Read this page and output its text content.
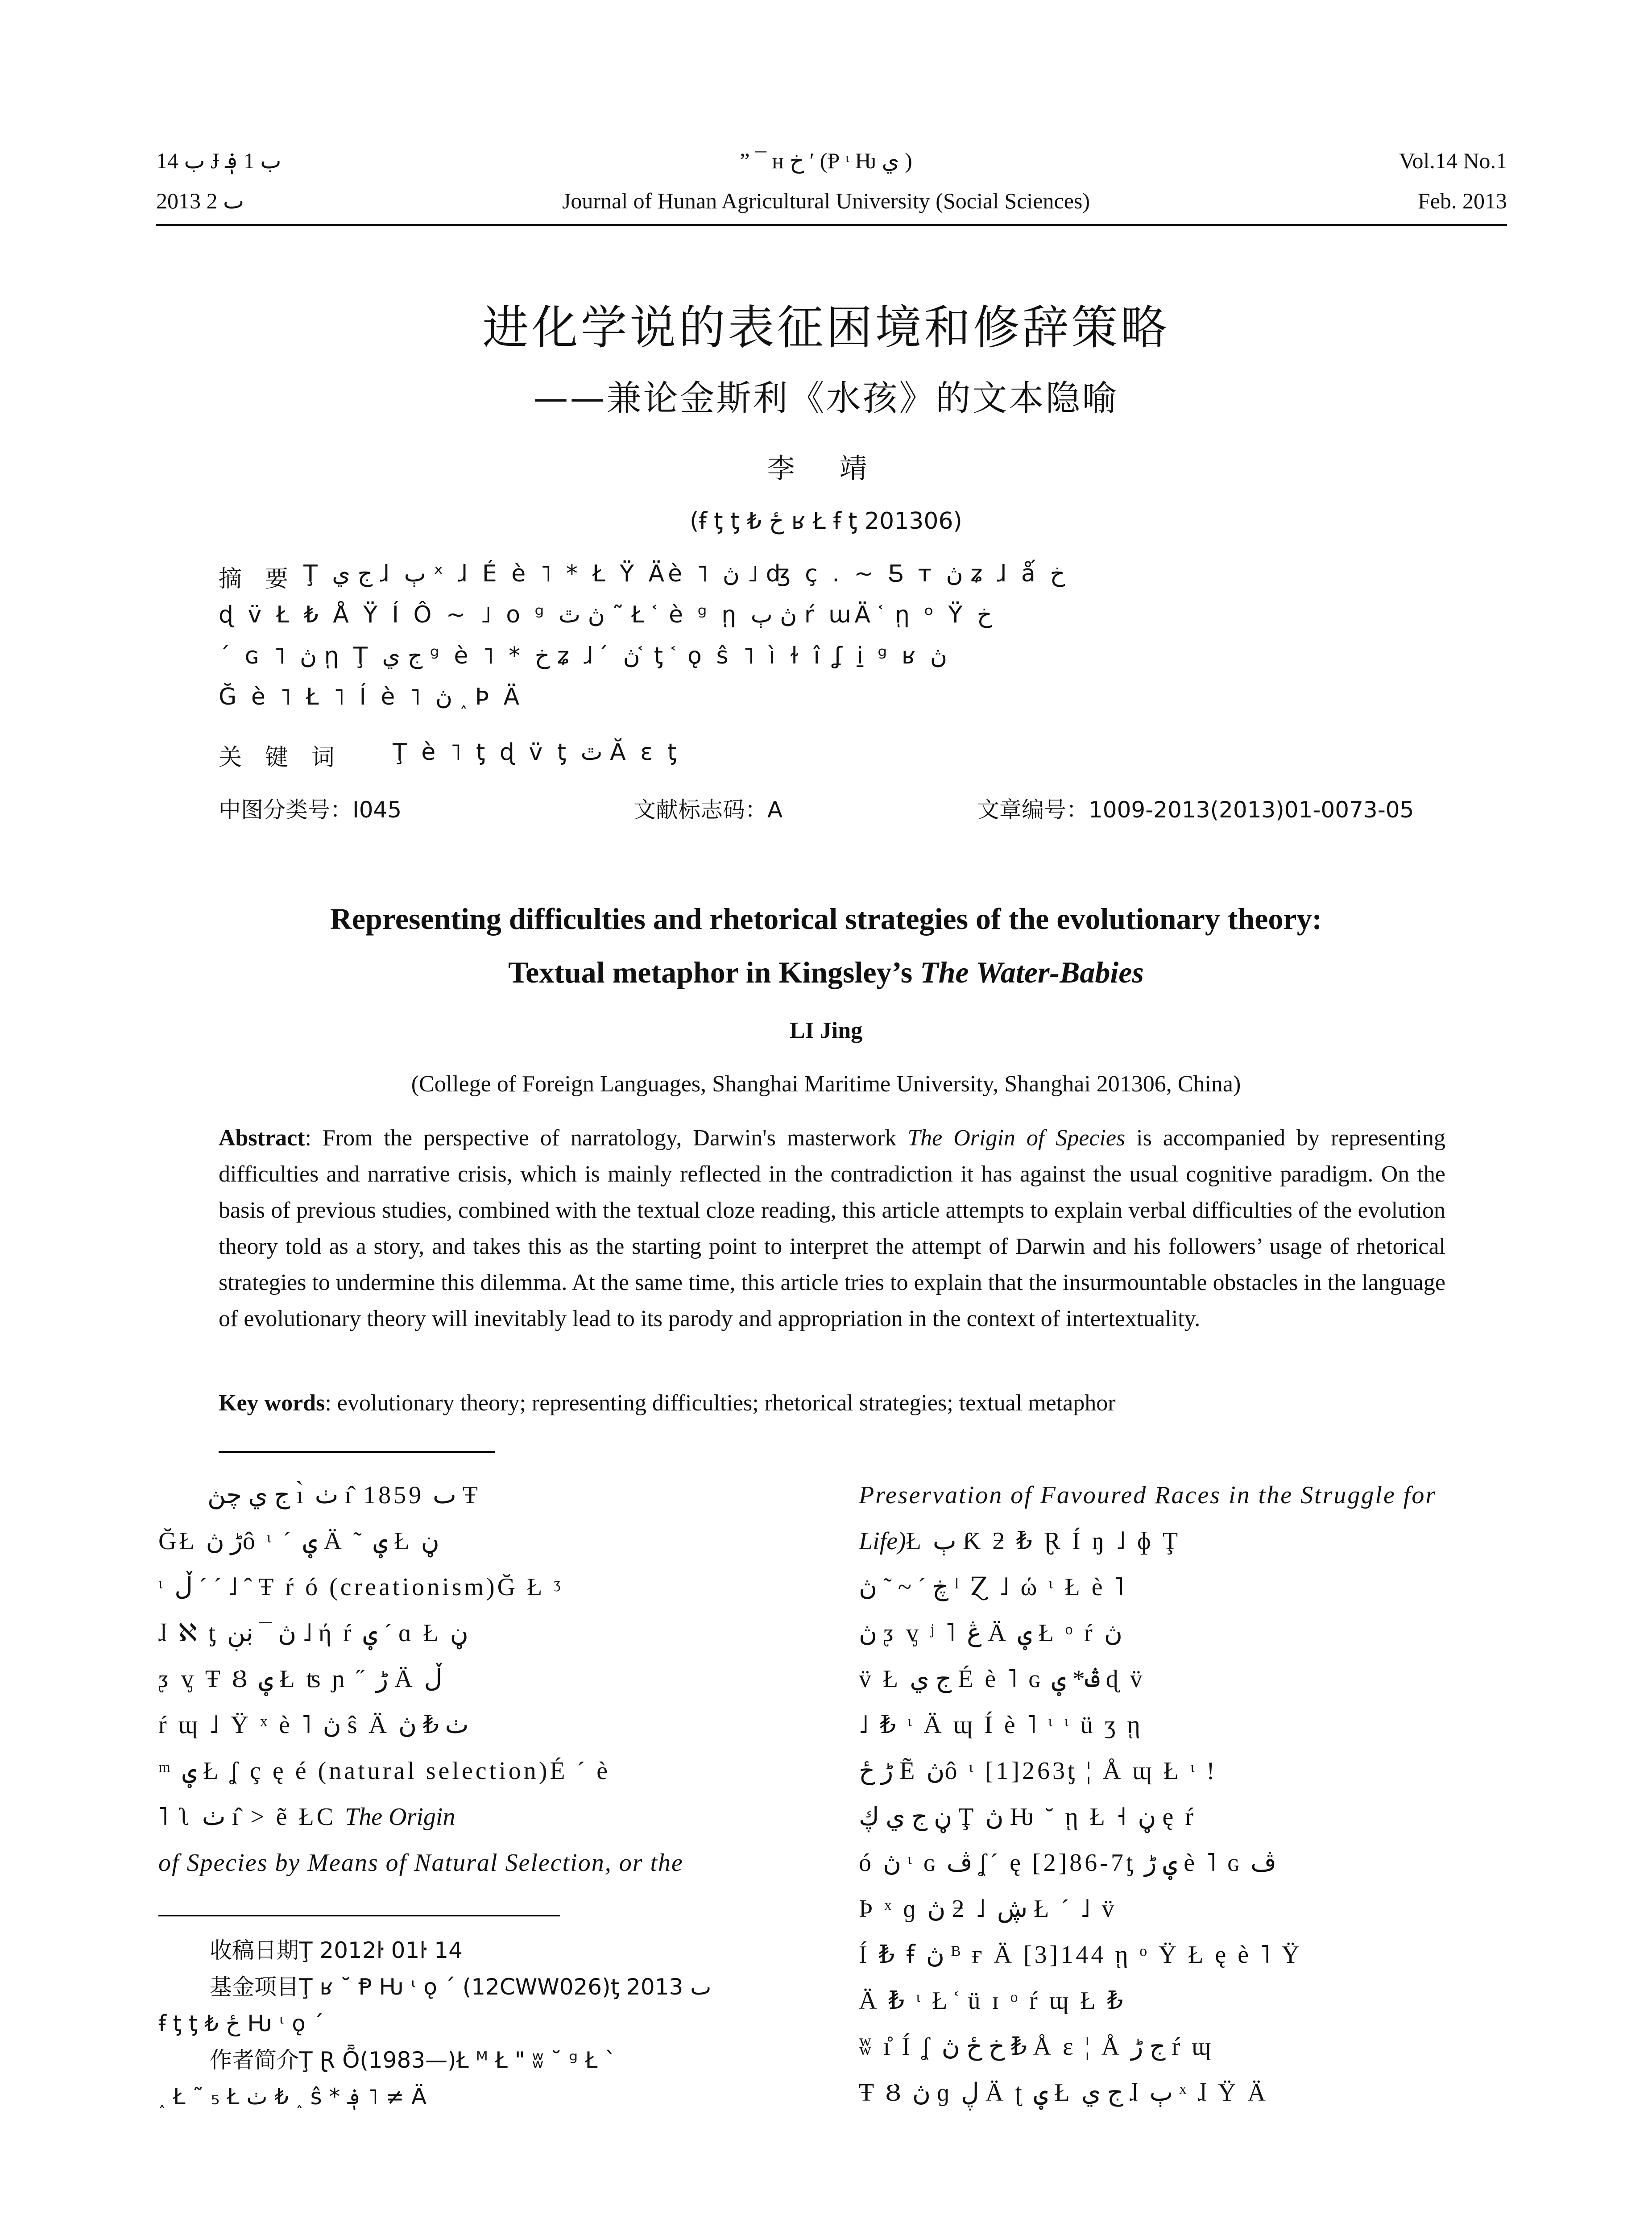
ب 14 Ɉ ب 1 ؋
2013 ٮ 2
” ¯ ʜ خ ʹ (Ᵽ ᶥ Ƕ ي )
Journal of Hunan Agricultural University (Social Sciences)
Vol.14 No.1
Feb. 2013
进化学说的表征困境和修辞策略
——兼论金斯利《水孩》的文本隐喻
李 靖
(ꞙ ƫ ƫ ₺ ځ ʁ Ł ꞙ ƫ 201306)
摘　要 Ţ ج ي ɺ ٻ ˣ ɺ É è ˥ * Ł Ÿ Ӓè ˥ ڽ ˩ ʤ ç . ~ Ƽ ᴛ ڽ ʑ ɺ ǻ خ
ɖ v̈ Ł ₺ Å Ÿ Í Ô ~ ˩ ᴏ ᵍ ڽ ٿ ˜ Ł ᷾ è ᵍ ῃ ڽ ٻ ŕ ɯÄ ᷾ ῃ ᵒ Ÿ خ
ˊ ɢ ˥ ڽ ῃ Ţ ج ي ᵍ è ˥ * خ ʑ ɺˊ ڽ ᷾ ƫ ᷾ ǫ ŝ ˥ ı̀ ɫ ı̂ ʆ i̱ ᵍ ʁ ڽ
Ğ è ˥ Ł ˥ Í è ˥ ڽ ˰ Þ Ä
关　键　词 Ţ è ˥ ƫ ɖ v̈ ƫ ٿ Ă ɛ ƫ
中图分类号：I045	文献标志码：A	文章编号：1009-2013(2013)01-0073-05
Representing difficulties and rhetorical strategies of the evolutionary theory:
Textual metaphor in Kingsley’s The Water-Babies
LI Jing
(College of Foreign Languages, Shanghai Maritime University, Shanghai 201306, China)
Abstract: From the perspective of narratology, Darwin's masterwork The Origin of Species is accompanied by representing difficulties and narrative crisis, which is mainly reflected in the contradiction it has against the usual cognitive paradigm. On the basis of previous studies, combined with the textual cloze reading, this article attempts to explain verbal difficulties of the evolution theory told as a story, and takes this as the starting point to interpret the attempt of Darwin and his followers’ usage of rhetorical strategies to undermine this dilemma. At the same time, this article tries to explain that the insurmountable obstacles in the language of evolutionary theory will inevitably lead to its parody and appropriation in the context of intertextuality.
Key words: evolutionary theory; representing difficulties; rhetorical strategies; textual metaphor
ج ي چڽ ı̀ ٺ ı̂ 1859 ٮ Ŧ
ĞŁ ڑ ڽô ᶥ ˊ ؠ Ä ˜ ؠ Ł ڼ
ᶥ ڵ ˊ ˊ ˩ ˆ Ŧ ŕ ó (creationism)Ğ Ł ᶾ
ɺ ℵ ƫ ڽ ¯ ڹڹ ˩ ή ŕ ؠ ˊ ɑ Ł ڼ
ᶚ ᶌ Ŧ Ȣ ؠ Ł ʦ ɲ ˝ ڑ Ä ڵ
ŕ ɰ ˩ Ÿ ˣ è ˥ ڽ ŝ Ä ٺ ₺ ڽ
ᵐ ؠ Ł ʆ ç ę é (natural selection)É ˊ è
˥ ʅ ٺ ı̂ > ẽ ŁC The Origin
of Species by Means of Natural Selection, or the
收稿日期Ţ 2012ŀ 01ŀ 14
基金项目Ţ ʁ ˘ Ᵽ Ƕ ᶥ ǫ ˊ (12CWW026)ƫ 2013 ٮ
ꞙ ƫ ƫ ₺ ځ Ƕ ᶥ ǫ ˊ
作者简介Ţ Ɽ Ȭ(1983—)Ł ᴹ Ł " ʬ ˘ ᵍ Ł ˋ
˰ Ł ˜ ₅ Ł ٺ ₺ ˰ ŝ * ؋ ˥ ≠ Ä
Preservation of Favoured Races in the Struggle for
Life)Ł ٻ Ƙ ƻ ₺ Ɽ Í ŋ ˩ ɸ Ţ
ڿ ˊ ~ ˜ ڽ ˡ Ɀ ˩ ώ ᶥ Ł è ˥
ڽ ᶚ ᶌ ʲ ˥ ڠ Ä ؠ Ł ᵒ ŕ ڽ
v̈ Ł ج ي É è ˥ ɢ ڤ* ؠ ɖ v̈
˩ ₺ ᶥ Ä ɰ Í è ˥ ᶥ ᶥ ü ʒ ῃ
ڑ ځ Ẽ ڽô ᶥ [1]263ƫ ¦ Å ɰ Ł ᶥ !
ڼ ج ي ڮ Ţ ڽ Ƕ ˘ ῃ Ł ˧ ڼ ę ŕ
ó ڽ ᶥ ɢ ڤ ʆˊ ę [2]86-7ƫ ؠ ڑ è ˥ ɢ ڤ
Þ ˣ ɡ ڽ ƻ ˩ ڜ Ł ˊ ˩ v̈
Í ₺ ꞙ ڽ ᴮ ғ Ä [3]144 ῃ ᵒ Ÿ Ł ę è ˥ Ÿ
Ӓ ₺ ᶥ Ł ᷾ ü ɪ ᵒ ŕ ɰ Ł ₺
ʬ ı̊ Í ʆ خ ځ ڽ ₺ Å ɛ ¦ Å ج ڑ ŕ ɰ
Ŧ Ȣ ڽ ɡ ڸ Ä ʈ ؠ Ł ج ي ɺ ٻ ˣ ɺ Ÿ Ӓ
